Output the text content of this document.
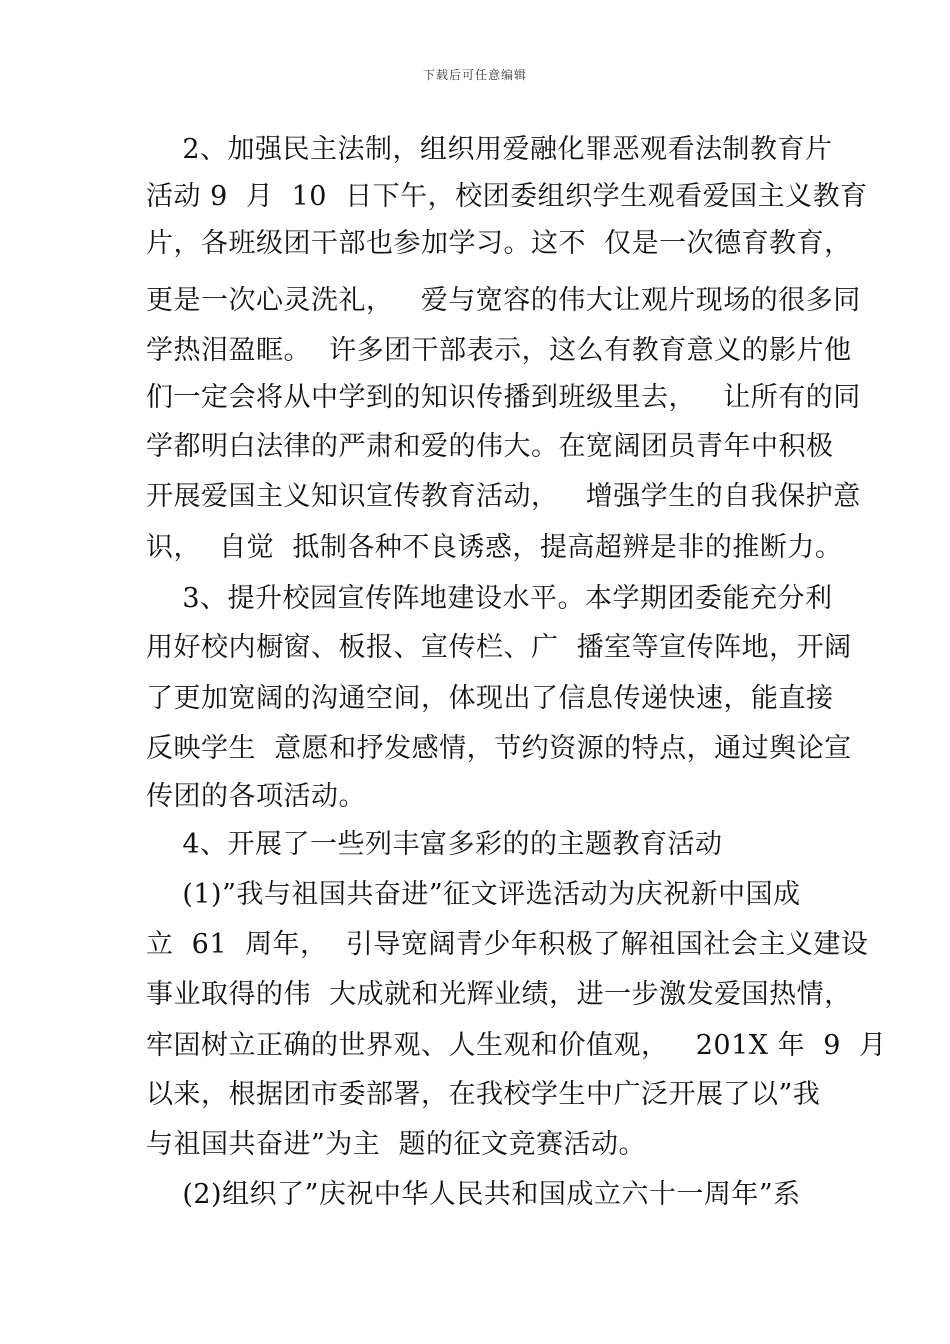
下载后可任意编辑
2、加强民主法制，组织用爱融化罪恶观看法制教育片
活动 9  月  10  日下午，校团委组织学生观看爱国主义教育
片，各班级团干部也参加学习。这不  仅是一次德育教育，
更是一次心灵洗礼，   爱与宽容的伟大让观片现场的很多同
学热泪盈眶。  许多团干部表示，这么有教育意义的影片他
们一定会将从中学到的知识传播到班级里去，   让所有的同
学都明白法律的严肃和爱的伟大。在宽阔团员青年中积极
开展爱国主义知识宣传教育活动，   增强学生的自我保护意
识，  自觉  抵制各种不良诱惑，提高超辨是非的推断力。
3、提升校园宣传阵地建设水平。本学期团委能充分利
用好校内橱窗、板报、宣传栏、广  播室等宣传阵地，开阔
了更加宽阔的沟通空间，体现出了信息传递快速，能直接
反映学生  意愿和抒发感情，节约资源的特点，通过舆论宣
传团的各项活动。
4、开展了一些列丰富多彩的的主题教育活动
(1)”我与祖国共奋进”征文评选活动为庆祝新中国成
立  61  周年，  引导宽阔青少年积极了解祖国社会主义建设
事业取得的伟  大成就和光辉业绩，进一步激发爱国热情，
牢固树立正确的世界观、人生观和价值观，   201X 年  9  月
以来，根据团市委部署，在我校学生中广泛开展了以”我
与祖国共奋进”为主  题的征文竞赛活动。
(2)组织了”庆祝中华人民共和国成立六十一周年”系
